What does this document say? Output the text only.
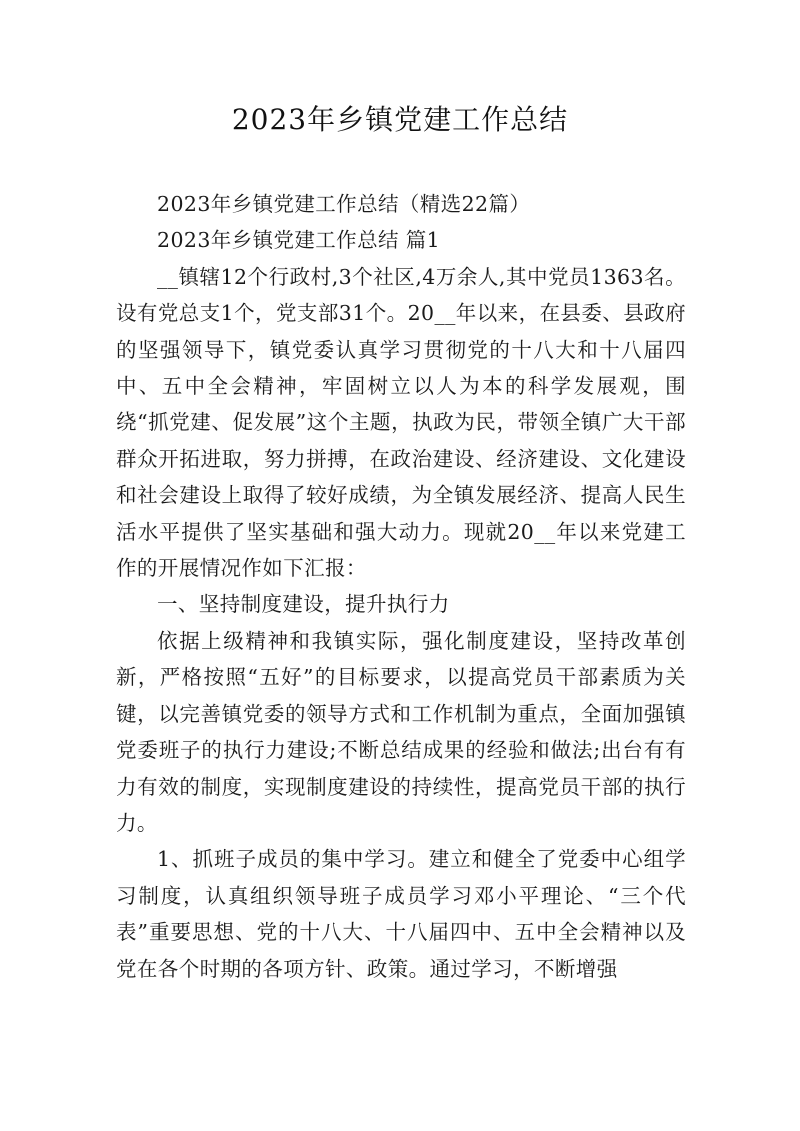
2023年乡镇党建工作总结

2023年乡镇党建工作总结（精选22篇）

2023年乡镇党建工作总结 篇1

__镇辖12个行政村,3个社区,4万余人,其中党员1363名。设有党总支1个，党支部31个。20__年以来，在县委、县政府的坚强领导下，镇党委认真学习贯彻党的十八大和十八届四中、五中全会精神，牢固树立以人为本的科学发展观，围绕“抓党建、促发展”这个主题，执政为民，带领全镇广大干部群众开拓进取，努力拼搏，在政治建设、经济建设、文化建设和社会建设上取得了较好成绩，为全镇发展经济、提高人民生活水平提供了坚实基础和强大动力。现就20__年以来党建工作的开展情况作如下汇报：

一、坚持制度建设，提升执行力

依据上级精神和我镇实际，强化制度建设，坚持改革创新，严格按照“五好”的目标要求，以提高党员干部素质为关键，以完善镇党委的领导方式和工作机制为重点，全面加强镇党委班子的执行力建设;不断总结成果的经验和做法;出台有有力有效的制度，实现制度建设的持续性，提高党员干部的执行力。

1、抓班子成员的集中学习。建立和健全了党委中心组学习制度，认真组织领导班子成员学习邓小平理论、“三个代表”重要思想、党的十八大、十八届四中、五中全会精神以及党在各个时期的各项方针、政策。通过学习，不断增强
